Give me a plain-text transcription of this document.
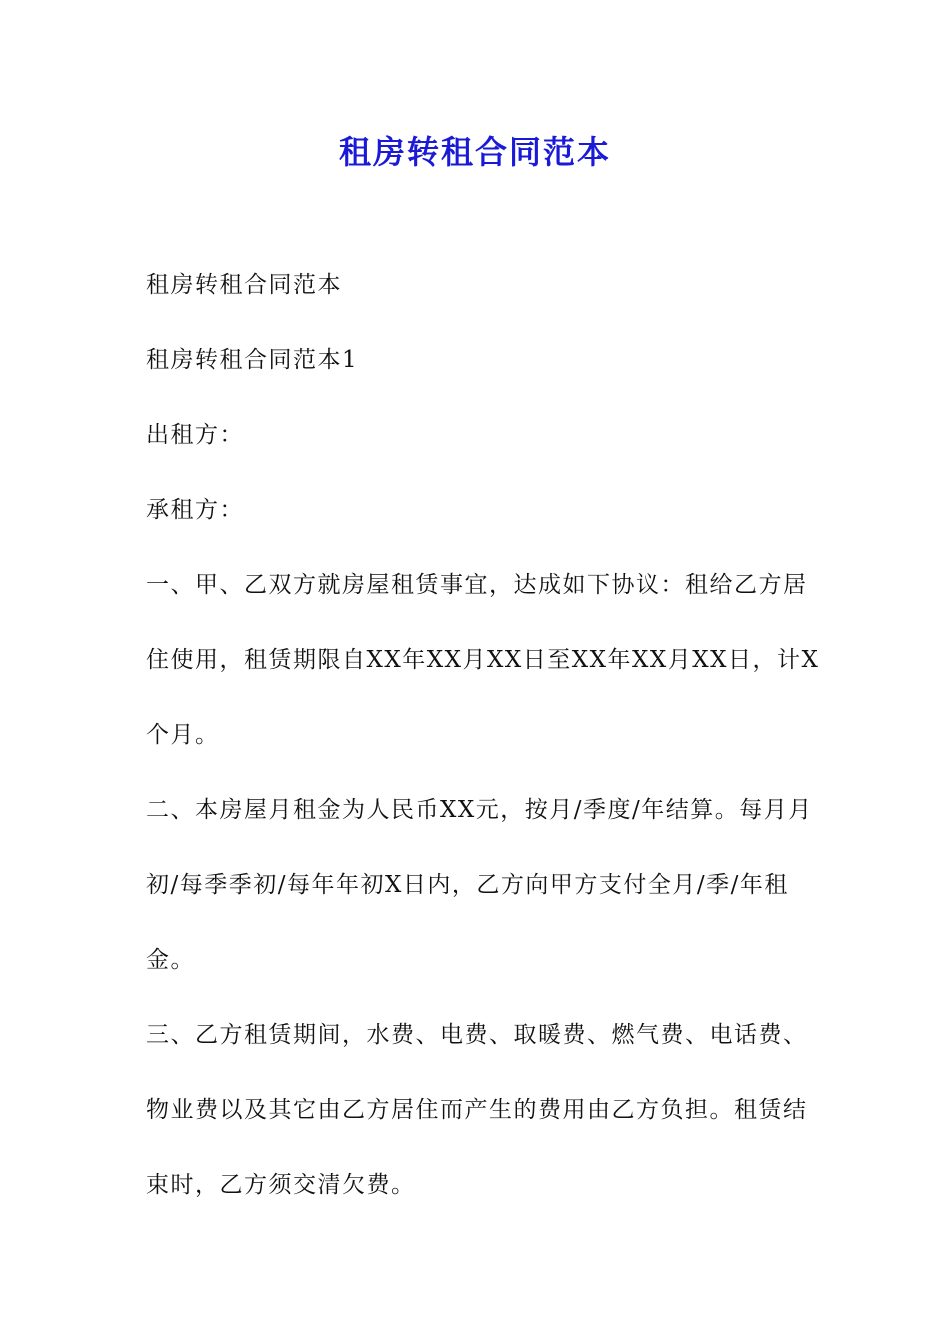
租房转租合同范本

租房转租合同范本

租房转租合同范本1

出租方：

承租方：

一、甲、乙双方就房屋租赁事宜，达成如下协议：租给乙方居
住使用，租赁期限自XX年XX月XX日至XX年XX月XX日，计X
个月。

二、本房屋月租金为人民币XX元，按月/季度/年结算。每月月
初/每季季初/每年年初X日内，乙方向甲方支付全月/季/年租
金。

三、乙方租赁期间，水费、电费、取暖费、燃气费、电话费、
物业费以及其它由乙方居住而产生的费用由乙方负担。租赁结
束时，乙方须交清欠费。
